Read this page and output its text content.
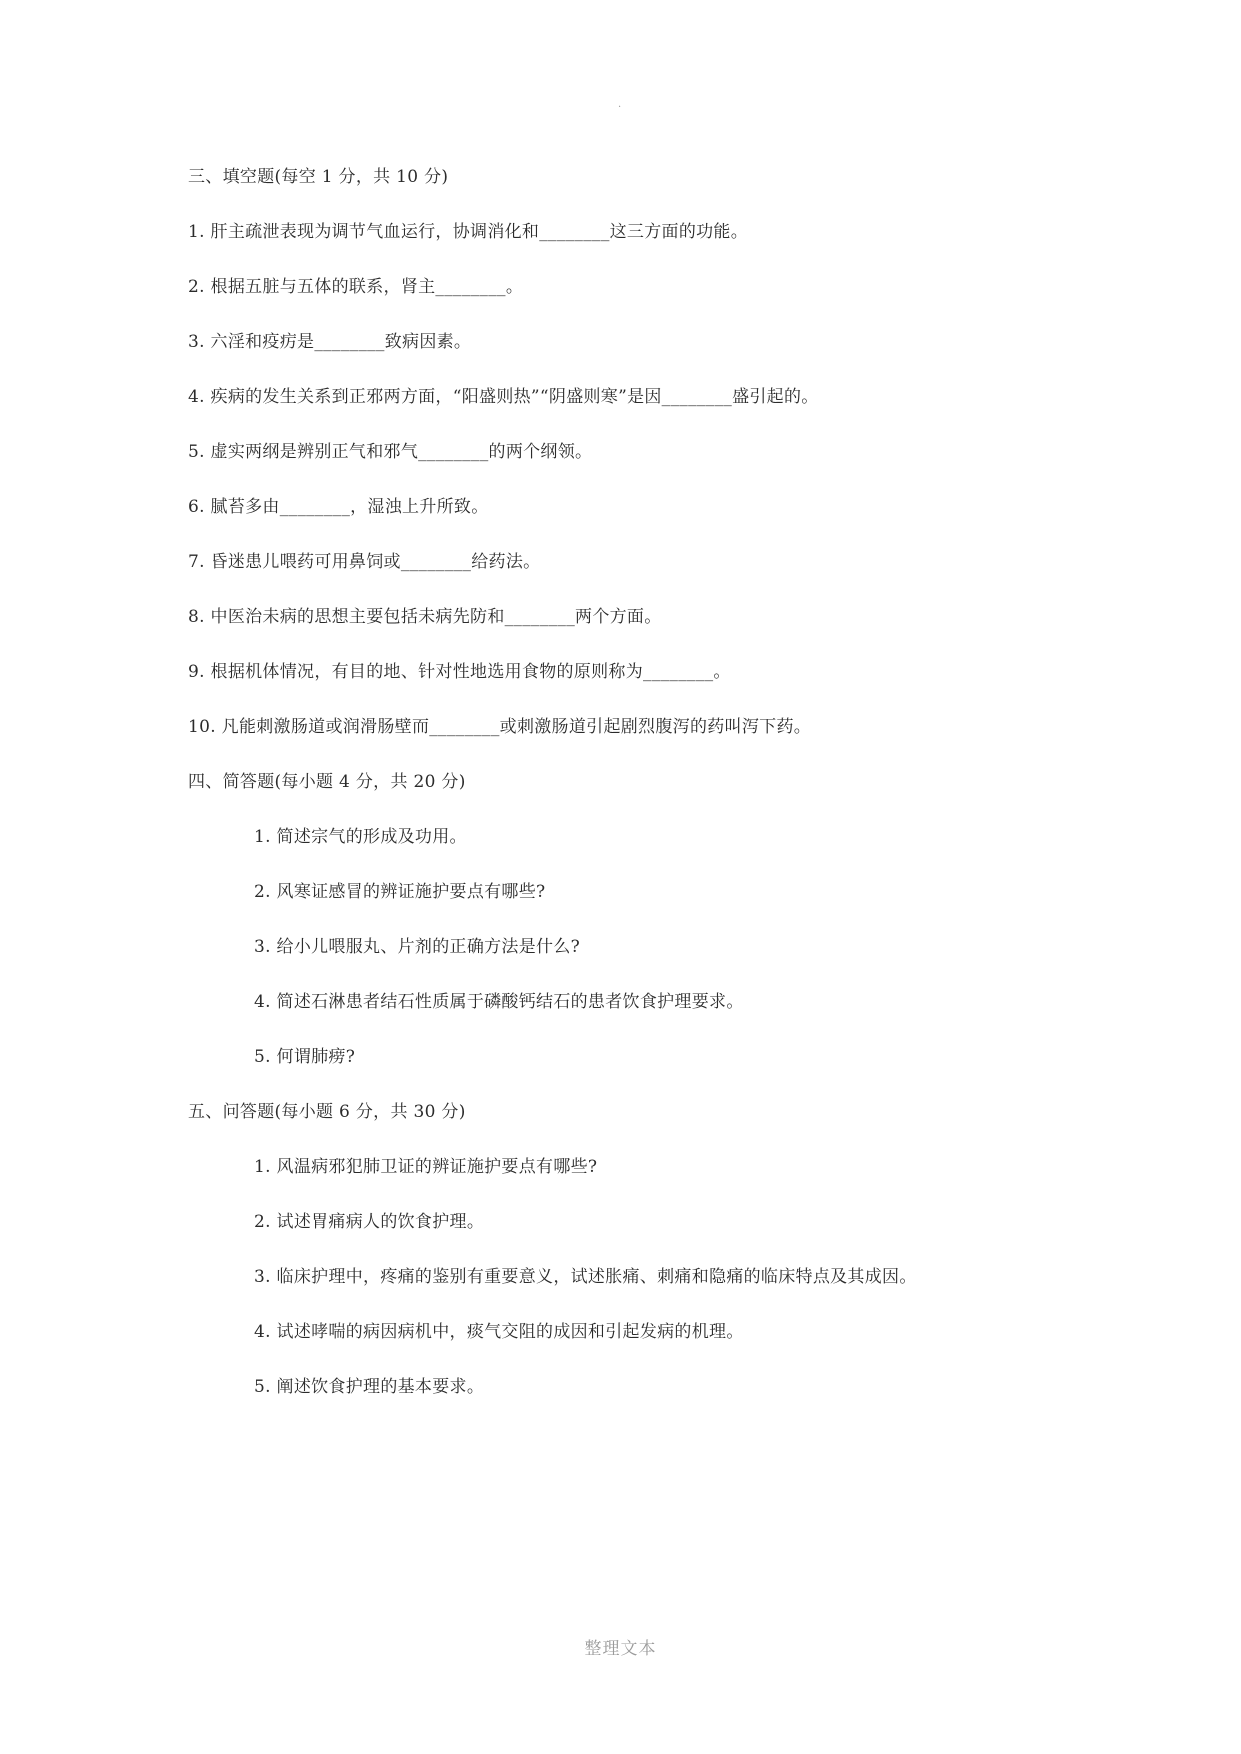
.
三、填空题(每空 1 分，共 10 分)
1. 肝主疏泄表现为调节气血运行，协调消化和________这三方面的功能。
2. 根据五脏与五体的联系，肾主________。
3. 六淫和疫疠是________致病因素。
4. 疾病的发生关系到正邪两方面，“阳盛则热”“阴盛则寒”是因________盛引起的。
5. 虚实两纲是辨别正气和邪气________的两个纲领。
6. 腻苔多由________，湿浊上升所致。
7. 昏迷患儿喂药可用鼻饲或________给药法。
8. 中医治未病的思想主要包括未病先防和________两个方面。
9. 根据机体情况，有目的地、针对性地选用食物的原则称为________。
10. 凡能刺激肠道或润滑肠壁而________或刺激肠道引起剧烈腹泻的药叫泻下药。
四、简答题(每小题 4 分，共 20 分)
1. 简述宗气的形成及功用。
2. 风寒证感冒的辨证施护要点有哪些?
3. 给小儿喂服丸、片剂的正确方法是什么?
4. 简述石淋患者结石性质属于磷酸钙结石的患者饮食护理要求。
5. 何谓肺痨?
五、问答题(每小题 6 分，共 30 分)
1. 风温病邪犯肺卫证的辨证施护要点有哪些?
2. 试述胃痛病人的饮食护理。
3. 临床护理中，疼痛的鉴别有重要意义，试述胀痛、刺痛和隐痛的临床特点及其成因。
4. 试述哮喘的病因病机中，痰气交阻的成因和引起发病的机理。
5. 阐述饮食护理的基本要求。
整理文本
